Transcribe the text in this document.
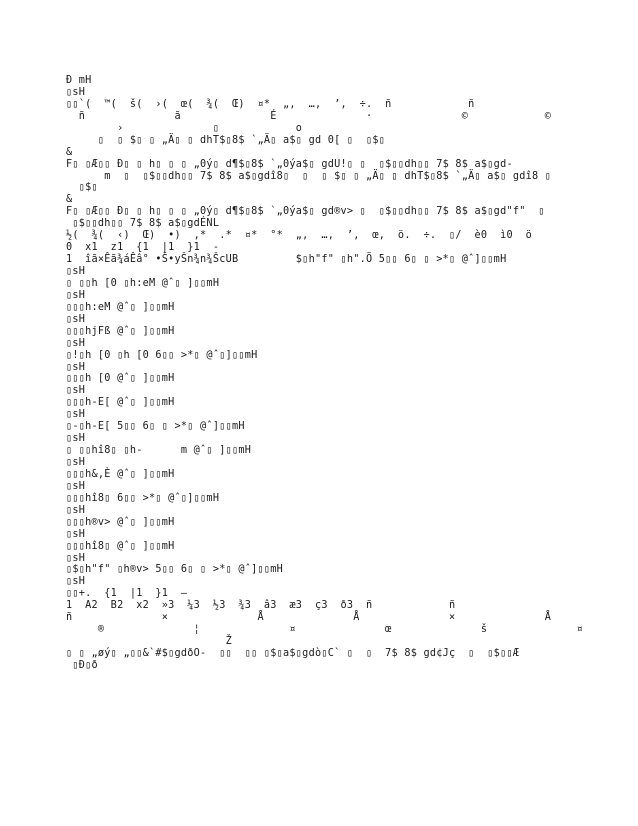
Ð mH
▯sH
▯▯`(  ™(  š(  ›(  œ(  ¾(  Œ)  ¤*  „,  …,  ’,  ÷.  ñ            ñ
ñ              ã              É              ·              ©            ©
›              ▯            o
▯  ▯ $▯ ▯ „Ä▯ ▯ dhT$▯8$ `„Ä▯ a$▯ gd 0[ ▯  ▯$▯
&
F▯ ▯Æ▯▯ Ð▯ ▯ h▯ ▯ ▯ „0ý▯ d¶$▯8$ `„0ýa$▯ gdU!▯ ▯  ▯$▯▯dh▯▯ 7$ 8$ a$▯gd-
m  ▯  ▯$▯▯dh▯▯ 7$ 8$ a$▯gdî8▯  ▯  ▯ $▯ ▯ „Ä▯ ▯ dhT$▯8$ `„Ä▯ a$▯ gdî8 ▯
▯$▯
&
F▯ ▯Æ▯▯ Ð▯ ▯ h▯ ▯ ▯ „0ý▯ d¶$▯8$ `„0ýa$▯ gd®v> ▯  ▯$▯▯dh▯▯ 7$ 8$ a$▯gd"f"  ▯
▯$▯▯dh▯▯ 7$ 8$ a$▯gdÉNL
½(  ¾(  ‹)  Œ)  •)  ,*  .*  ¤*  °*  „,  …,  ’,  œ,  ö.  ÷.  ▯/  è0  ì0  ö
0  x1  z1  {1  |1  }1  -
1  îã×Êã¾áÊâ° •Š•yŠn¾n¾ŠcUB         $▯h"f" ▯h".Õ 5▯▯ 6▯ ▯ >*▯ @ˆ]▯▯mH
▯sH
▯ ▯▯h [0 ▯h:eM @ˆ▯ ]▯▯mH
▯sH
▯▯▯h:eM @ˆ▯ ]▯▯mH
▯sH
▯▯▯hjFß @ˆ▯ ]▯▯mH
▯sH
▯!▯h [0 ▯h [0 6▯▯ >*▯ @ˆ▯]▯▯mH
▯sH
▯▯▯h [0 @ˆ▯ ]▯▯mH
▯sH
▯▯▯h-E[ @ˆ▯ ]▯▯mH
▯sH
▯-▯h-E[ 5▯▯ 6▯ ▯ >*▯ @ˆ]▯▯mH
▯sH
▯ ▯▯hî8▯ ▯h-      m @ˆ▯ ]▯▯mH
▯sH
▯▯▯h&,È @ˆ▯ ]▯▯mH
▯sH
▯▯▯hî8▯ 6▯▯ >*▯ @ˆ▯]▯▯mH
▯sH
▯▯▯h®v> @ˆ▯ ]▯▯mH
▯sH
▯▯▯hî8▯ @ˆ▯ ]▯▯mH
▯sH
▯$▯h"f" ▯h®v> 5▯▯ 6▯ ▯ >*▯ @ˆ]▯▯mH
▯sH
▯▯+.  {1  |1  }1  —
1  A2  B2  x2  »3  ¼3  ½3  ¾3  â3  æ3  ç3  ð3  ñ            ñ
ñ              ×              Å              Å              ×              Å
®              ¦              ¤              œ              š              ¤
Ž
▯ ▯ „øý▯ „▯▯&`#$▯gdðO-  ▯▯  ▯▯ ▯$▯a$▯gdò▯C` ▯  ▯  7$ 8$ gd¢Jç  ▯  ▯$▯▯Æ
▯Ð▯ð
